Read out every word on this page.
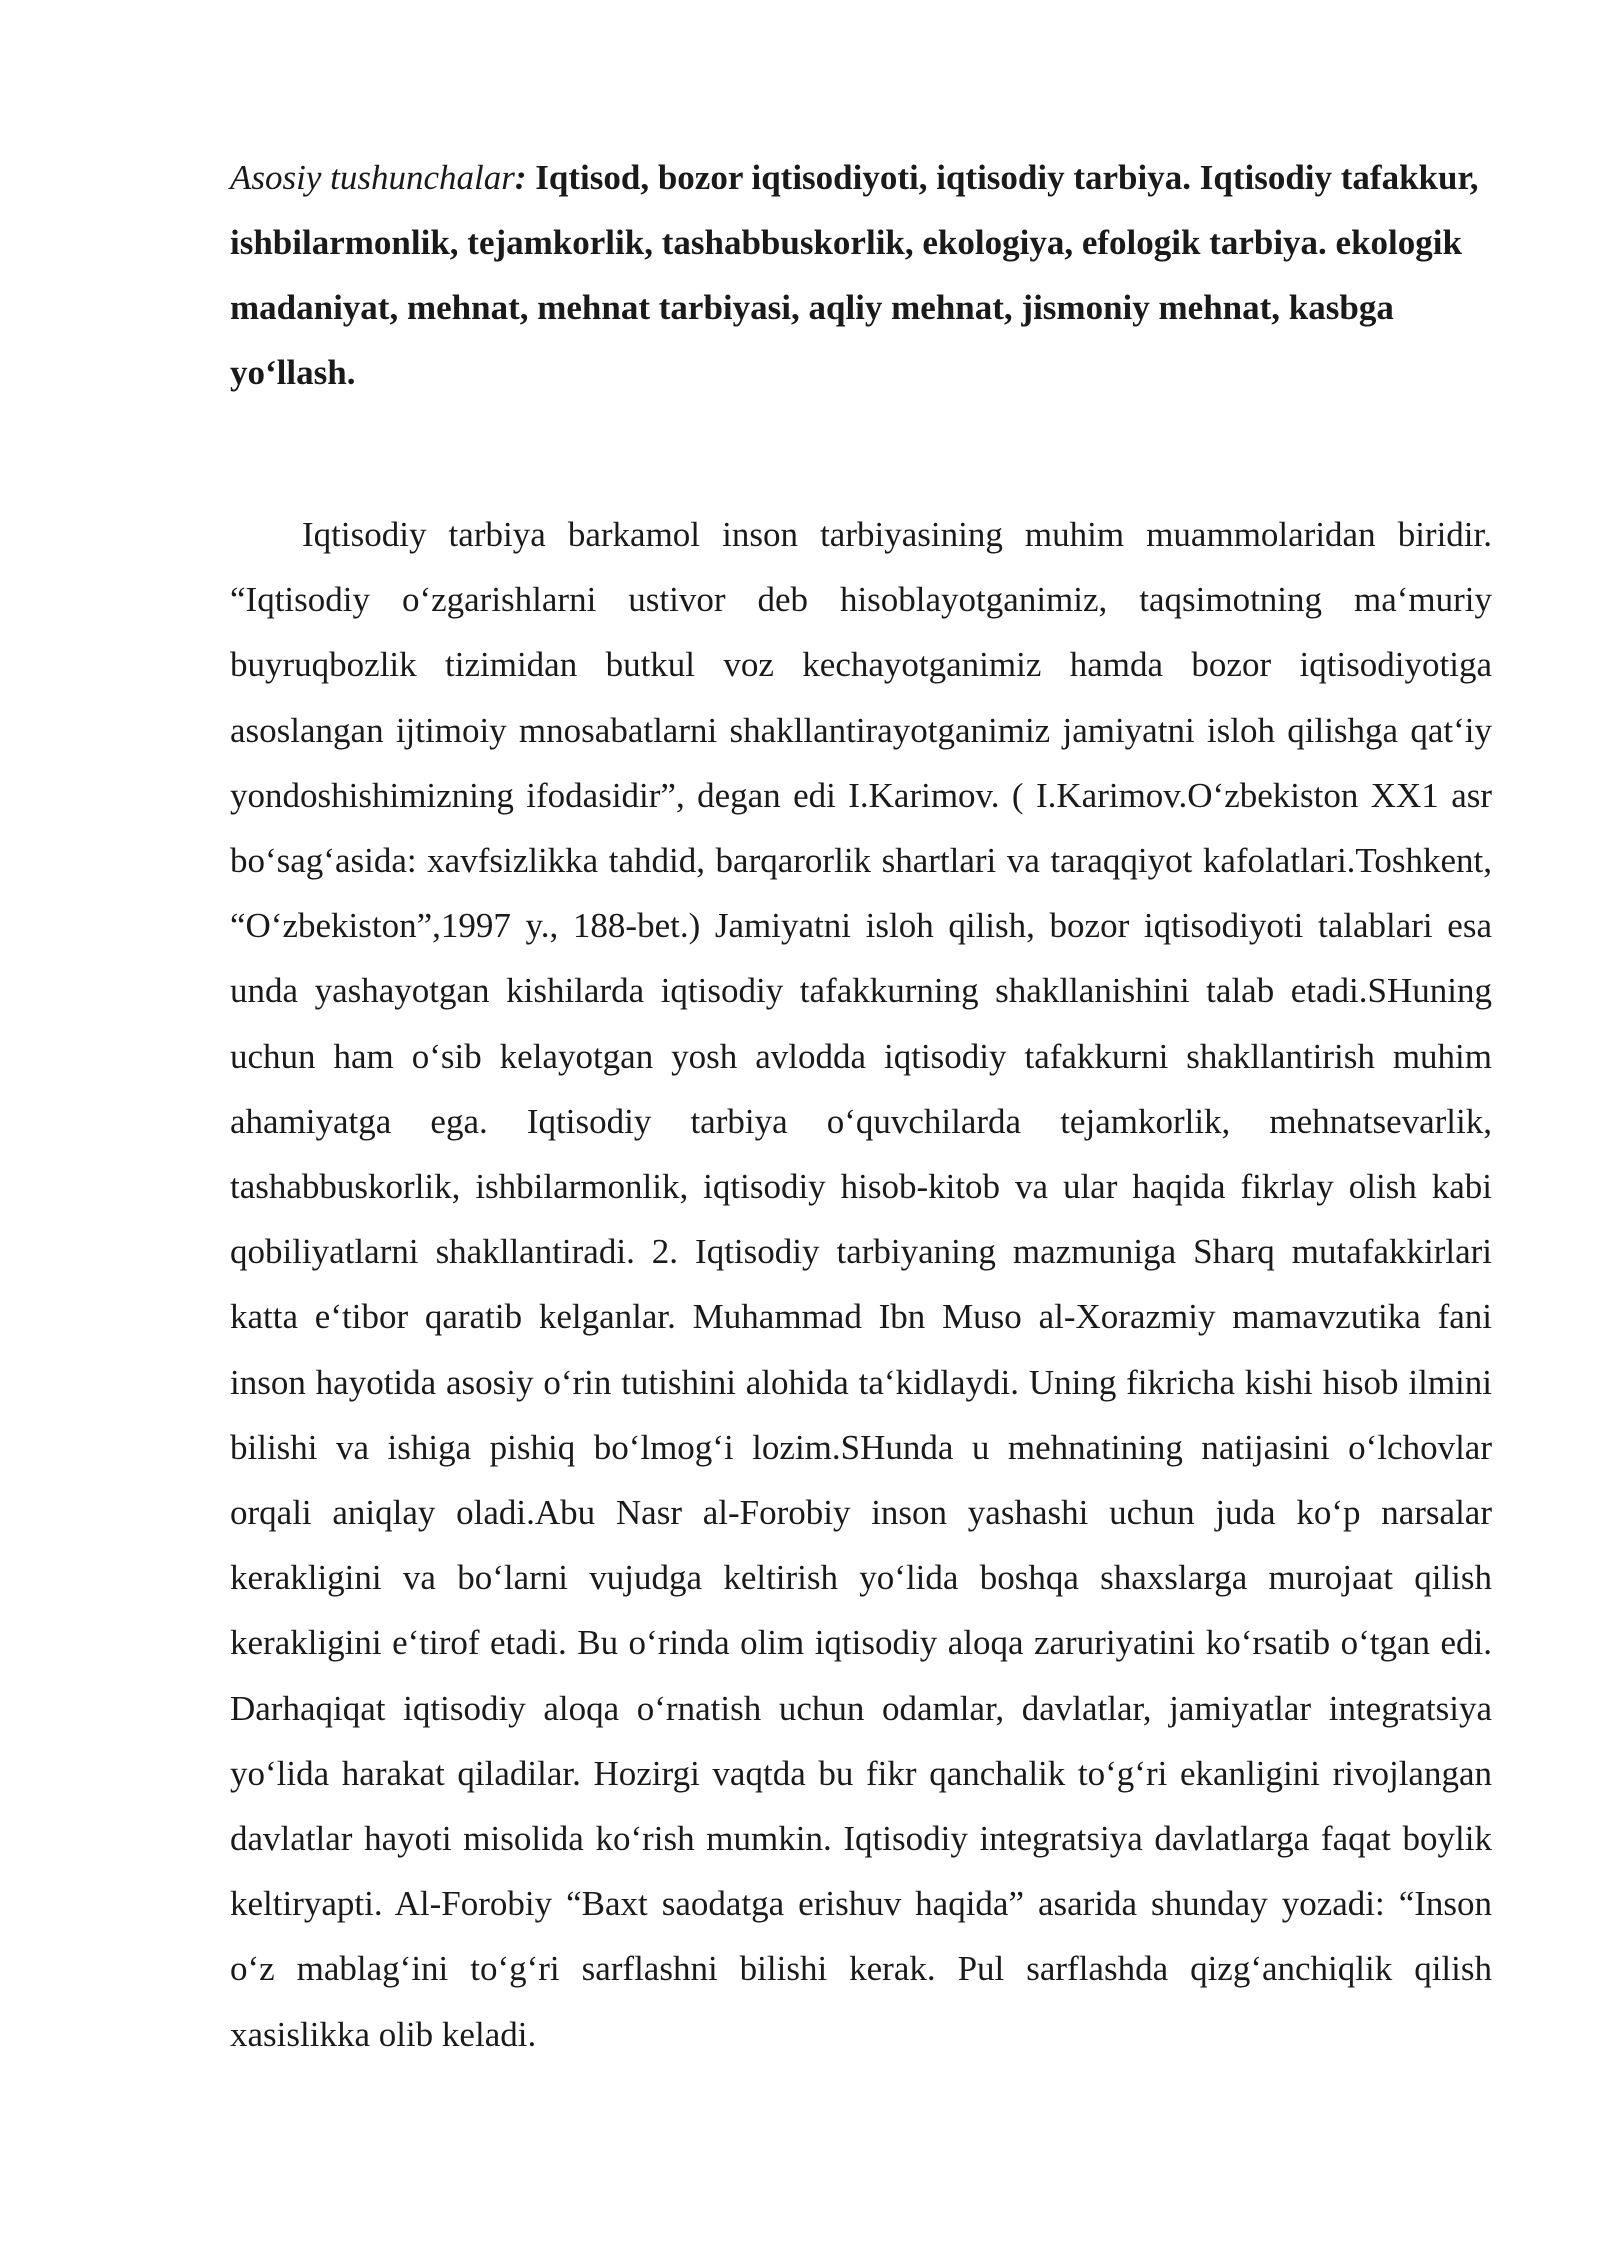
Asosiy tushunchalar: Iqtisod, bozor iqtisodiyoti, iqtisodiy tarbiya. Iqtisodiy tafakkur, ishbilarmonlik, tejamkorlik, tashabbuskorlik, ekologiya, efologik tarbiya. ekologik madaniyat, mehnat, mehnat tarbiyasi, aqliy mehnat, jismoniy mehnat, kasbga yo‘llash.

Iqtisodiy tarbiya barkamol inson tarbiyasining muhim muammolaridan biridir. “Iqtisodiy o‘zgarishlarni ustivor deb hisoblayotganimiz, taqsimotning ma‘muriy buyruqbozlik tizimidan butkul voz kechayotganimiz hamda bozor iqtisodiyotiga asoslangan ijtimoiy mnosabatlarni shakllantirayotganimiz jamiyatni isloh qilishga qat‘iy yondoshishimizning ifodasidir”, degan edi I.Karimov. ( I.Karimov.O‘zbekiston XX1 asr bo‘sag‘asida: xavfsizlikka tahdid, barqarorlik shartlari va taraqqiyot kafolatlari.Toshkent, “O‘zbekiston”,1997 y., 188-bet.) Jamiyatni isloh qilish, bozor iqtisodiyoti talablari esa unda yashayotgan kishilarda iqtisodiy tafakkurning shakllanishini talab etadi.SHuning uchun ham o‘sib kelayotgan yosh avlodda iqtisodiy tafakkurni shakllantirish muhim ahamiyatga ega. Iqtisodiy tarbiya o‘quvchilarda tejamkorlik, mehnatsevarlik, tashabbuskorlik, ishbilarmonlik, iqtisodiy hisob-kitob va ular haqida fikrlay olish kabi qobiliyatlarni shakllantiradi. 2. Iqtisodiy tarbiyaning mazmuniga Sharq mutafakkirlari katta e‘tibor qaratib kelganlar. Muhammad Ibn Muso al-Xorazmiy mamavzutika fani inson hayotida asosiy o‘rin tutishini alohida ta‘kidlaydi. Uning fikricha kishi hisob ilmini bilishi va ishiga pishiq bo‘lmog‘i lozim.SHunda u mehnatining natijasini o‘lchovlar orqali aniqlay oladi.Abu Nasr al-Forobiy inson yashashi uchun juda ko‘p narsalar kerakligini va bo‘larni vujudga keltirish yo‘lida boshqa shaxslarga murojaat qilish kerakligini e‘tirof etadi. Bu o‘rinda olim iqtisodiy aloqa zaruriyatini ko‘rsatib o‘tgan edi. Darhaqiqat iqtisodiy aloqa o‘rnatish uchun odamlar, davlatlar, jamiyatlar integratsiya yo‘lida harakat qiladilar. Hozirgi vaqtda bu fikr qanchalik to‘g‘ri ekanligini rivojlangan davlatlar hayoti misolida ko‘rish mumkin. Iqtisodiy integratsiya davlatlarga faqat boylik keltiryapti. Al-Forobiy “Baxt saodatga erishuv haqida” asarida shunday yozadi: “Inson o‘z mablag‘ini to‘g‘ri sarflashni bilishi kerak. Pul sarflashda qizg‘anchiqlik qilish xasislikka olib keladi.
